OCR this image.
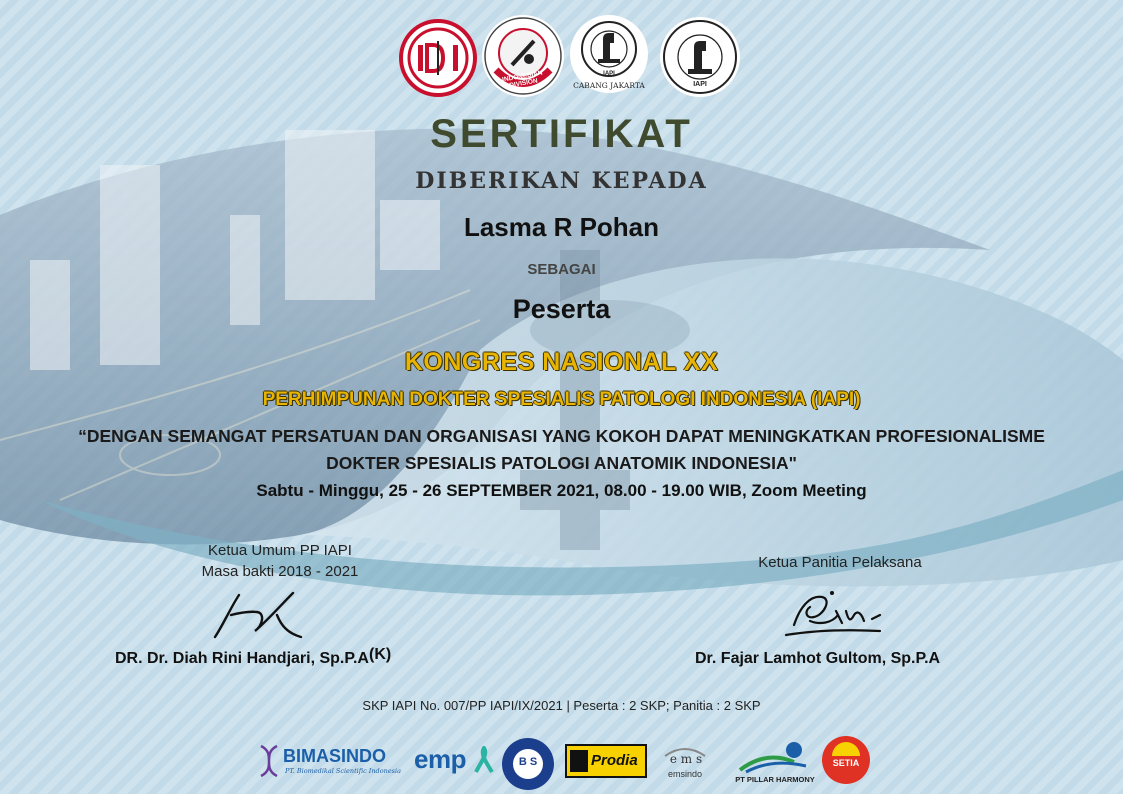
INDONESIAN DIVISION
IAPI
CABANG JAKARTA	IAPI
SERTIFIKAT
DIBERIKAN KEPADA
Lasma R Pohan
SEBAGAI
Peserta
KONGRES NASIONAL XX
PERHIMPUNAN DOKTER SPESIALIS PATOLOGI INDONESIA (IAPI)
“DENGAN SEMANGAT PERSATUAN DAN ORGANISASI YANG KOKOH DAPAT MENINGKATKAN PROFESIONALISME
DOKTER SPESIALIS PATOLOGI ANATOMIK INDONESIA"
Sabtu - Minggu, 25 - 26 SEPTEMBER 2021, 08.00 - 19.00 WIB, Zoom Meeting
Ketua Umum PP IAPI
Masa bakti 2018 - 2021
DR. Dr. Diah Rini Handjari, Sp.P.A(K)
Ketua Panitia Pelaksana
Dr. Fajar Lamhot Gultom, Sp.P.A
SKP IAPI No. 007/PP IAPI/IX/2021 | Peserta : 2 SKP; Panitia : 2 SKP
BIMASINDO
PT. Biomedikal Scientific Indonesia emp	B S	Prodia	e m s
emsindo
PT PILLAR HARMONY
SETIA
